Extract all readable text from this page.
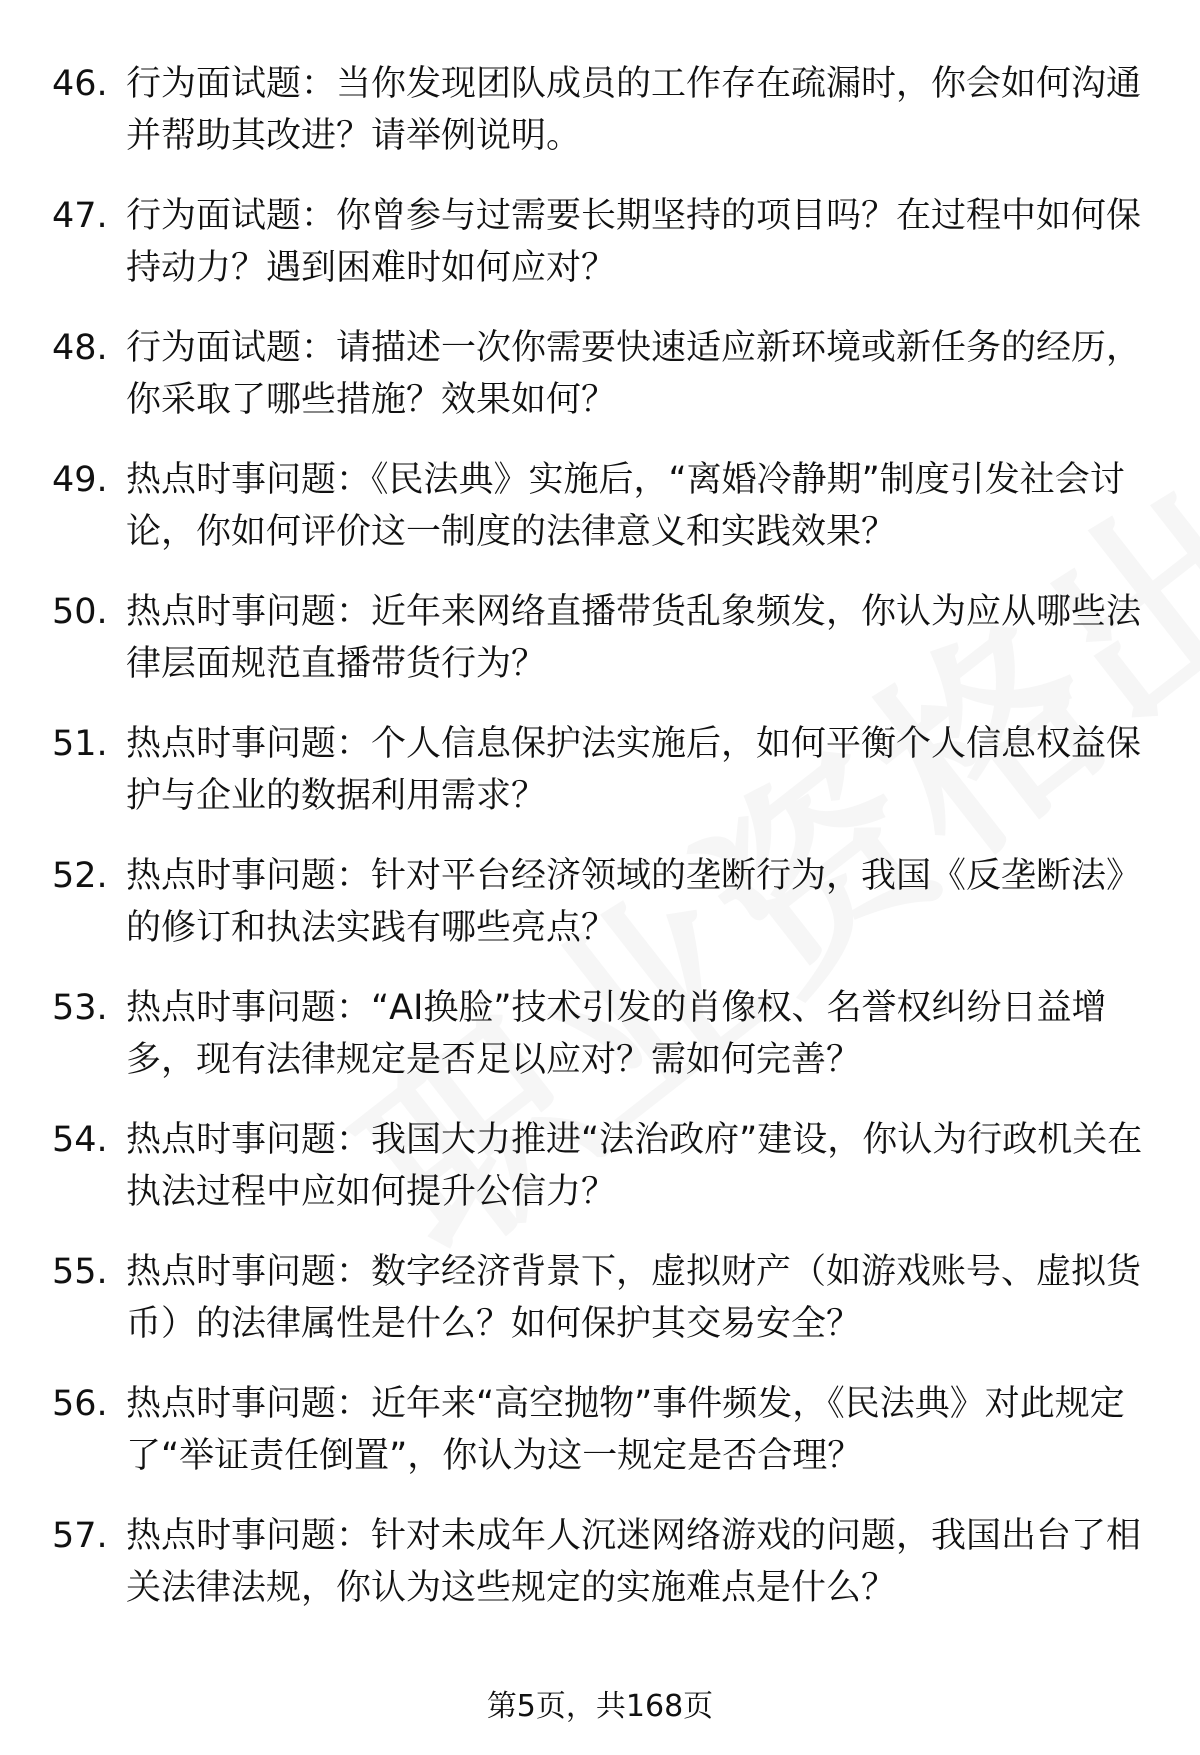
46. 行为面试题：当你发现团队成员的工作存在疏漏时，你会如何沟通并帮助其改进？请举例说明。
47. 行为面试题：你曾参与过需要长期坚持的项目吗？在过程中如何保持动力？遇到困难时如何应对？
48. 行为面试题：请描述一次你需要快速适应新环境或新任务的经历，你采取了哪些措施？效果如何？
49. 热点时事问题：《民法典》实施后，“离婚冷静期”制度引发社会讨论，你如何评价这一制度的法律意义和实践效果？
50. 热点时事问题：近年来网络直播带货乱象频发，你认为应从哪些法律层面规范直播带货行为？
51. 热点时事问题：个人信息保护法实施后，如何平衡个人信息权益保护与企业的数据利用需求？
52. 热点时事问题：针对平台经济领域的垄断行为，我国《反垄断法》的修订和执法实践有哪些亮点？
53. 热点时事问题：“AI换脸”技术引发的肖像权、名誉权纠纷日益增多，现有法律规定是否足以应对？需如何完善？
54. 热点时事问题：我国大力推进“法治政府”建设，你认为行政机关在执法过程中应如何提升公信力？
55. 热点时事问题：数字经济背景下，虚拟财产（如游戏账号、虚拟货币）的法律属性是什么？如何保护其交易安全？
56. 热点时事问题：近年来“高空抛物”事件频发，《民法典》对此规定了“举证责任倒置”，你认为这一规定是否合理？
57. 热点时事问题：针对未成年人沉迷网络游戏的问题，我国出台了相关法律法规，你认为这些规定的实施难点是什么？
第5页，共168页
